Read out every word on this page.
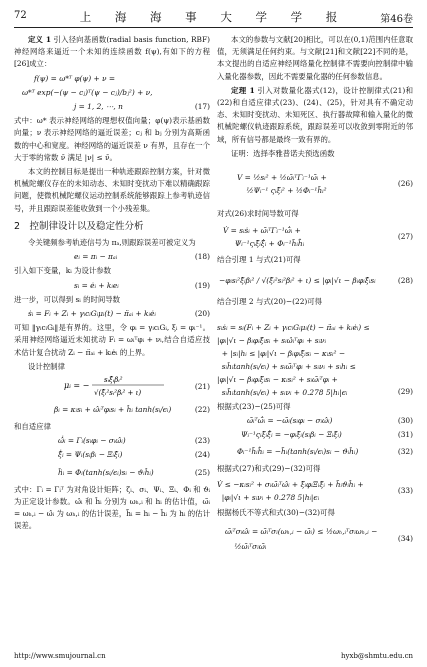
72	上 海 海 事 大 学 学 报	第46卷

定义 1 引入径向基函数(radial basis function, RBF)神经网络来逼近一个未知的连续函数 f(ψ),有如下的方程[26]成立：

f(ψ) = ω*ᵀ φ(ψ) + ν =
ω*ᵀ exp(−(ψ − cⱼ)ᵀ(ψ − cⱼ)/bⱼ²) + ν,
j = 1, 2, ⋯, n	(17)

式中：ω* 表示神经网络的理想权值向量；φ(ψ)表示基函数向量；ν 表示神经网络的逼近误差；cⱼ 和 bⱼ 分别为高斯函数的中心和宽度。神经网络的逼近误差 ν 有界，且存在一个大于零的常数 ν̄ 满足 |ν| ≤ ν̄。

本文的控制目标是提出一种轨迹跟踪控制方案，针对微机械陀螺仪存在的未知动态、未知时变扰动下难以精确跟踪问题，使微机械陀螺仪运动控制系统能够跟踪上参考轨迹信号，并且跟踪误差能收敛到一个小残差集。

2　控制律设计以及稳定性分析

令关键频参考轨迹信号为 πₐ,则跟踪误差可被定义为

eᵢ = πᵢ − πₐᵢ	(18)

引入如下变量，kᵢ 为设计参数

sᵢ = ėᵢ + kᵢeᵢ	(19)

进一步，可以得到 sᵢ 的时间导数

ṡᵢ = Fᵢ + Zᵢ + γᵢcᵢGᵢμᵢ(t) − π̈ₐᵢ + kᵢėᵢ	(20)

可知 ‖γᵢcᵢGᵢ‖是有界的。这里，令 φᵢ = γᵢcᵢGᵢ, ξᵢ = φᵢ⁻¹。采用神经网络逼近未知扰动 Fᵢ = ωᵢᵀφᵢ + νᵢ,结合自适应技术估计复合扰动 Zᵢ − π̈ₐᵢ + kᵢėᵢ 的上界。

设计控制律

μᵢ = −
sᵢξ̂ᵢβᵢ²
√(ξ̂ᵢ²sᵢ²βᵢ² + ι)
(21)
βᵢ = κᵢsᵢ + ω̂ᵢᵀφᵢsᵢ + ĥᵢ tanh(sᵢ/ϵᵢ)	(22)

和自适应律

ω̂̇ᵢ = Γᵢ(sᵢφᵢ − σᵢω̂ᵢ)	(23)
ξ̂̇ᵢ = Ψᵢ(sᵢβᵢ − Ξᵢξ̂ᵢ)	(24)
ĥ̇ᵢ = Φᵢ(tanh(sᵢ/ϵᵢ)sᵢ − ϑᵢĥᵢ)	(25)

式中：Γᵢ = Γᵢᵀ 为对角设计矩阵；ζᵢ、σᵢ、Ψᵢ、Ξᵢ、Φᵢ 和 ϑᵢ 为正定设计参数。ω̂ᵢ 和 ĥᵢ 分别为 ωₕ,ᵢ 和 hᵢ 的估计值，ω̃ᵢ = ωₕ,ᵢ − ω̂ᵢ 为 ωₕ,ᵢ 的估计误差，h̃ᵢ = hᵢ − ĥᵢ 为 hᵢ 的估计误差。

本文的参数与文献[20]相比，可以在(0,1)范围内任意取值，无须满足任何约束。与文献[21]和文献[22]不同的是，本文提出的自适应神经网络量化控制律不需要向控制律中输入量化器参数，因此不需要量化器的任何参数信息。

定理 1 引入对数量化器式(12)，设计控制律式(21)和(22)和自适应律式(23)、(24)、(25)，针对具有不确定动态、未知时变扰动、未知死区、执行器故障和输入量化的微机械陀螺仪轨迹跟踪系统，跟踪误差可以收敛到零附近的邻域，所有信号都是最终一致有界的。

证明：选择李雅普诺夫预选函数

V = ½sᵢ² + ½ω̃ᵢᵀΓᵢ⁻¹ω̃ᵢ +
½Ψᵢ⁻¹ ςᵢξ̃ᵢ² + ½Φᵢ⁻¹h̃ᵢ²
(26)

对式(26)求时间导数可得

V̇ = sᵢṡᵢ + ω̃ᵢᵀΓᵢ⁻¹ω̃̇ᵢ +
Ψᵢ⁻¹ςᵢξ̃ᵢξ̃̇ᵢ + Φᵢ⁻¹h̃ᵢh̃̇ᵢ
(27)

结合引理 1 与式(21)可得

−φᵢsᵢ²ξ̂ᵢβᵢ² / √(ξ̂ᵢ²sᵢ²βᵢ² + ι) ≤ |φᵢ|√ι − βᵢφᵢξ̂ᵢsᵢ	(28)

结合引理 2 与式(20)−(22)可得

sᵢṡᵢ = sᵢ(Fᵢ + Zᵢ + γᵢcᵢGᵢμᵢ(t) − π̈ₐᵢ + kᵢėᵢ) ≤
|φᵢ|√ι − βᵢφᵢξ̂ᵢsᵢ + sᵢω̂ᵢᵀφᵢ + sᵢνᵢ
+ |sᵢ|hᵢ ≤ |φᵢ|√ι − βᵢφᵢξ̂ᵢsᵢ − κᵢsᵢ² −
sᵢĥᵢtanh(sᵢ/ϵᵢ) + sᵢω̃ᵢᵀφᵢ + sᵢνᵢ + sᵢhᵢ ≤
|φᵢ|√ι − βᵢφᵢξ̃ᵢsᵢ − κᵢsᵢ² + sᵢω̃ᵢᵀφᵢ +
sᵢh̃ᵢtanh(sᵢ/ϵᵢ) + sᵢνᵢ + 0.278 5|hᵢ|ϵᵢ	(29)

根据式(23)−(25)可得

ω̃ᵢᵀω̃̇ᵢ = −ω̃ᵢ(sᵢφᵢ − σᵢω̂ᵢ)	(30)
Ψᵢ⁻¹ςᵢξ̃ᵢξ̃̇ᵢ = −φᵢξ̃ᵢ(sᵢβᵢ − Ξᵢξ̂ᵢ)	(31)
Φᵢ⁻¹h̃ᵢh̃̇ᵢ = −h̃ᵢ(tanh(sᵢ/ϵᵢ)sᵢ − ϑᵢĥᵢ)	(32)

根据式(27)和式(29)−(32)可得

V̇ ≤ −κᵢsᵢ² + σᵢω̃ᵢᵀω̂ᵢ + ξ̃ᵢφᵢΞᵢξ̂ᵢ + h̃ᵢϑᵢĥᵢ +
|φᵢ|√ι + sᵢνᵢ + 0.278 5|hᵢ|ϵᵢ
(33)

根据杨氏不等式和式(30)−(32)可得

ω̃ᵢᵀσᵢω̂ᵢ = ω̃ᵢᵀσᵢ(ωₕ,ᵢ − ω̃ᵢ) ≤ ½ωₕ,ᵢᵀσᵢωₕ,ᵢ −
½ω̃ᵢᵀσᵢω̃ᵢ
(34)
http://www.smujournal.cn	hyxb@shmtu.edu.cn
